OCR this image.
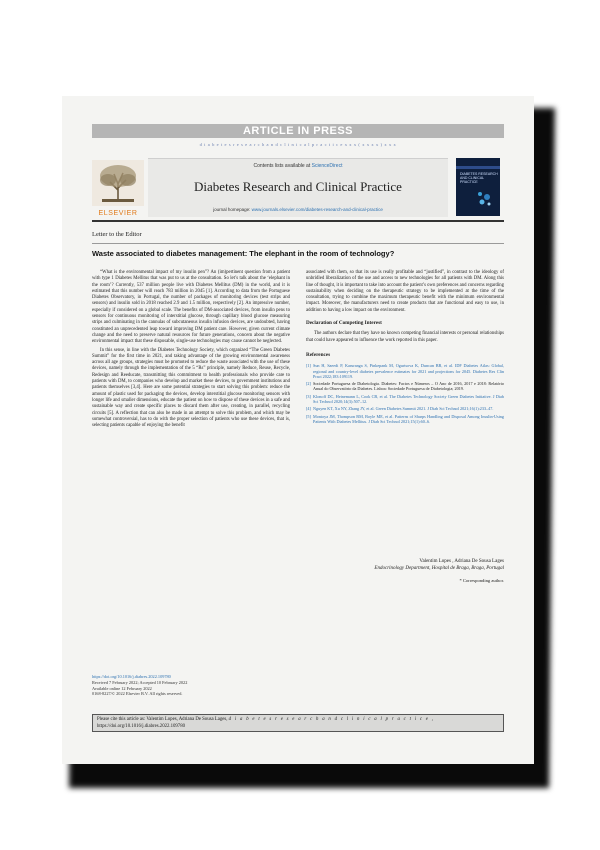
ARTICLE IN PRESS
d i a b e t e s r e s e a r c h a n d c l i n i c a l p r a c t i c e x x x ( x x x x ) x x x
ELSEVIER
Contents lists available at ScienceDirect
Diabetes Research and Clinical Practice
journal homepage: www.journals.elsevier.com/diabetes-research-and-clinical-practice
DIABETES RESEARCH AND CLINICAL PRACTICE
Letter to the Editor
Waste associated to diabetes management: The elephant in the room of technology?

“What is the environmental impact of my insulin pen”? An (im)pertinent question from a patient with type 1 Diabetes Mellitus that was put to us at the consultation. So let’s talk about the ‘elephant in the room’? Currently, 537 million people live with Diabetes Mellitus (DM) in the world, and it is estimated that this number will reach 783 million in 2045 [1]. According to data from the Portuguese Diabetes Observatory, in Portugal, the number of packages of monitoring devices (test strips and sensors) and insulin sold in 2018 reached 2.9 and 1.5 million, respectively [2]. An impressive number, especially if considered on a global scale. The benefits of DM-associated devices, from insulin pens to sensors for continuous monitoring of interstitial glucose, through capillary blood glucose measuring strips and culminating in the cannulas of subcutaneous insulin infusion devices, are undoubted, having constituted an unprecedented leap toward improving DM patient care. However, given current climate change and the need to preserve natural resources for future generations, concern about the negative environmental impact that these disposable, single-use technologies may cause cannot be neglected.

In this sense, in line with the Diabetes Technology Society, which organized “The Green Diabetes Summit” for the first time in 2021, and taking advantage of the growing environmental awareness across all age groups, strategies must be promoted to reduce the waste associated with the use of these devices, namely through the implementation of the 5 “Rs” principle, namely Reduce, Reuse, Recycle, Redesign and Reeducate, transmitting this commitment to health professionals who provide care to patients with DM, to companies who develop and market these devices, to government institutions and patients themselves [3,4]. Here are some potential strategies to start solving this problem: reduce the amount of plastic used for packaging the devices, develop interstitial glucose monitoring sensors with longer life and smaller dimensions, educate the patient on how to dispose of these devices in a safe and sustainable way and create specific places to discard them after use, creating, in parallel, recycling circuits [5]. A reflection that can also be made in an attempt to solve this problem, and which may be somewhat controversial, has to do with the proper selection of patients who use these devices, that is, selecting patients capable of enjoying the benefit

associated with them, so that its use is really profitable and “justified”, in contrast to the ideology of unbridled liberalization of the use and access to new technologies for all patients with DM. Along this line of thought, it is important to take into account the patient’s own preferences and concerns regarding sustainability when deciding on the therapeutic strategy to be implemented at the time of the consultation, trying to combine the maximum therapeutic benefit with the minimum environmental impact. Moreover, the manufacturers need to create products that are functional and easy to use, in addition to having a low impact on the environment.

Declaration of Competing Interest

The authors declare that they have no known competing financial interests or personal relationships that could have appeared to influence the work reported in this paper.

References

[1] Sun H, Saeedi P, Karuranga S, Pinkepank M, Ogurtsova K, Duncan BB, et al. IDF Diabetes Atlas: Global, regional and country-level diabetes prevalence estimates for 2021 and projections for 2045. Diabetes Res Clin Pract 2022;183:109119.

[2] Sociedade Portuguesa de Diabetologia. Diabetes: Factos e Números – O Ano de 2016, 2017 e 2018: Relatório Anual do Observatório da Diabetes. Lisboa: Sociedade Portuguesa de Diabetologia; 2019.

[3] Klonoff DC, Heinemann L, Cook CB, et al. The Diabetes Technology Society Green Diabetes Initiative. J Diab Sci Technol 2020;14(3):507–12.

[4] Nguyen KT, Xu NY, Zhang JY, et al. Green Diabetes Summit 2021. J Diab Sci Technol 2021;16(1):233–47.

[5] Montoya JM, Thompson BM, Boyle ME, et al. Patterns of Sharps Handling and Disposal Among Insulin-Using Patients With Diabetes Mellitus. J Diab Sci Technol 2021;15(1):60–6.

Valentim Lopes , Adriana De Sousa Lages
Endocrinology Department, Hospital de Braga, Braga, Portugal
* Corresponding author.
https://doi.org/10.1016/j.diabres.2022.109780
Received 7 February 2022; Accepted 10 February 2022
Available online 12 February 2022
0168-8227/© 2022 Elsevier B.V. All rights reserved.
Please cite this article as: Valentim Lopes, Adriana De Sousa Lages, d i a b e t e s r e s e a r c h a n d c l i n i c a l p r a c t i c e ,
https://doi.org/10.1016/j.diabres.2022.109780
